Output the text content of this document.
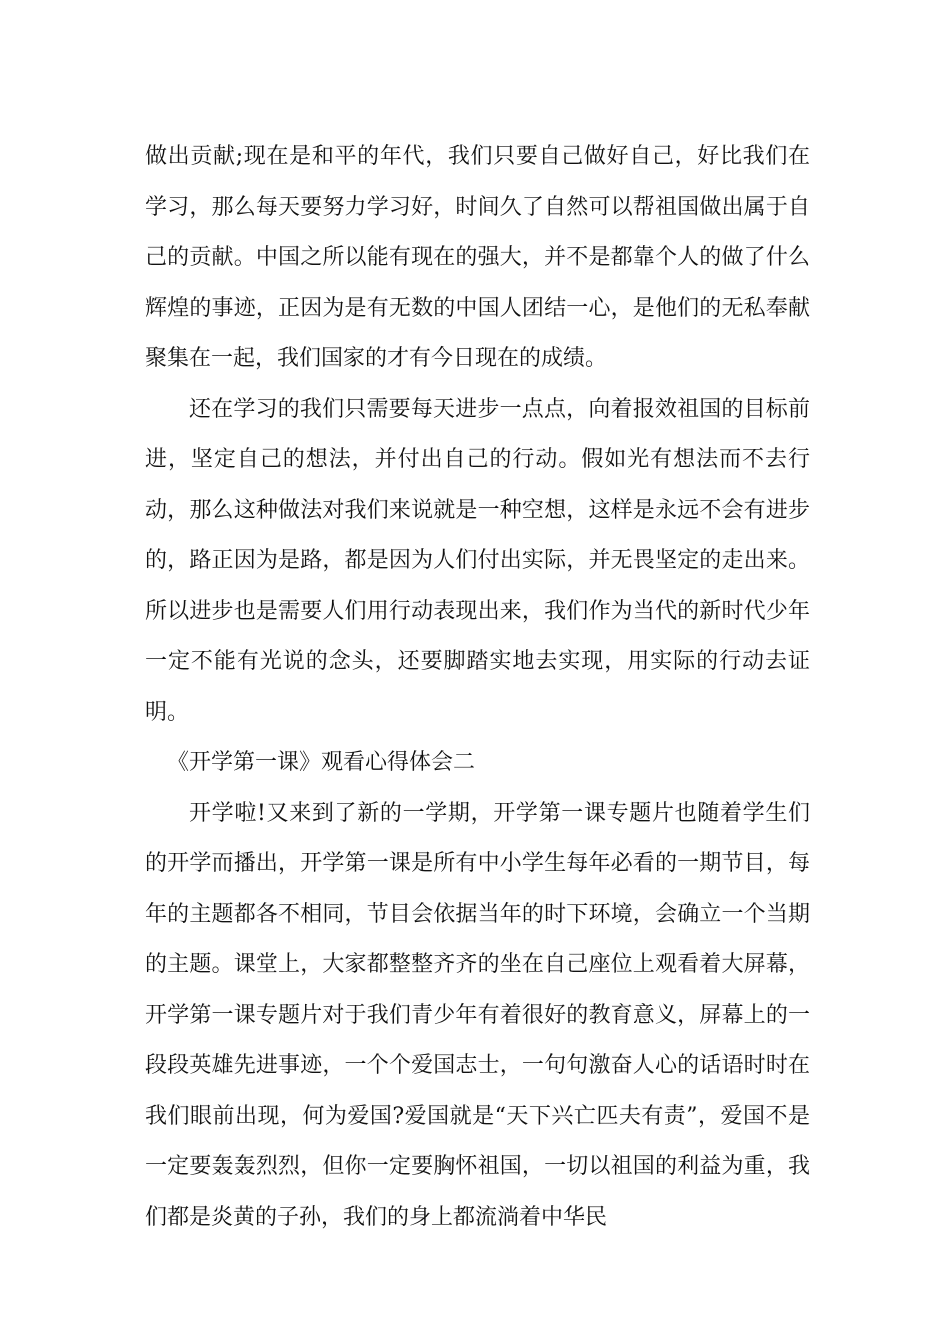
做出贡献;现在是和平的年代，我们只要自己做好自己，好比我们在学习，那么每天要努力学习好，时间久了自然可以帮祖国做出属于自己的贡献。中国之所以能有现在的强大，并不是都靠个人的做了什么辉煌的事迹，正因为是有无数的中国人团结一心，是他们的无私奉献聚集在一起，我们国家的才有今日现在的成绩。

还在学习的我们只需要每天进步一点点，向着报效祖国的目标前进，坚定自己的想法，并付出自己的行动。假如光有想法而不去行动，那么这种做法对我们来说就是一种空想，这样是永远不会有进步的，路正因为是路，都是因为人们付出实际，并无畏坚定的走出来。所以进步也是需要人们用行动表现出来，我们作为当代的新时代少年一定不能有光说的念头，还要脚踏实地去实现，用实际的行动去证明。

《开学第一课》观看心得体会二

开学啦!又来到了新的一学期，开学第一课专题片也随着学生们的开学而播出，开学第一课是所有中小学生每年必看的一期节目，每年的主题都各不相同，节目会依据当年的时下环境，会确立一个当期的主题。课堂上，大家都整整齐齐的坐在自己座位上观看着大屏幕，开学第一课专题片对于我们青少年有着很好的教育意义，屏幕上的一段段英雄先进事迹，一个个爱国志士，一句句激奋人心的话语时时在我们眼前出现，何为爱国?爱国就是“天下兴亡匹夫有责”，爱国不是一定要轰轰烈烈，但你一定要胸怀祖国，一切以祖国的利益为重，我们都是炎黄的子孙，我们的身上都流淌着中华民
